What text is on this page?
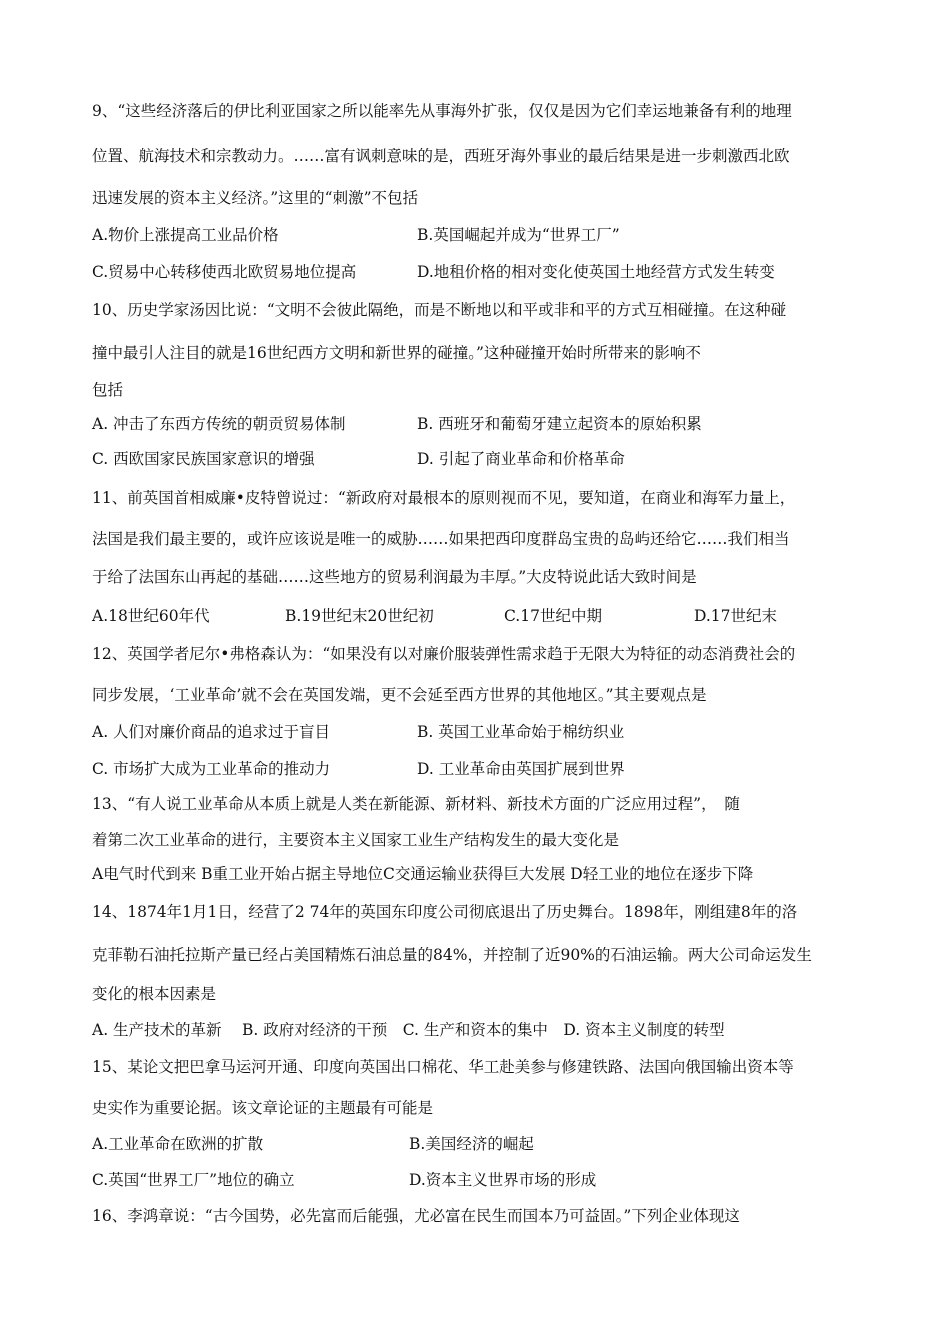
9、“这些经济落后的伊比利亚国家之所以能率先从事海外扩张，仅仅是因为它们幸运地兼备有利的地理
位置、航海技术和宗教动力。……富有讽刺意味的是，西班牙海外事业的最后结果是进一步刺激西北欧
迅速发展的资本主义经济。”这里的“刺激”不包括
A.物价上涨提高工业品价格	B.英国崛起并成为“世界工厂”
C.贸易中心转移使西北欧贸易地位提高	D.地租价格的相对变化使英国土地经营方式发生转变
10、历史学家汤因比说：“文明不会彼此隔绝，而是不断地以和平或非和平的方式互相碰撞。在这种碰
撞中最引人注目的就是16世纪西方文明和新世界的碰撞。”这种碰撞开始时所带来的影响不
包括
A. 冲击了东西方传统的朝贡贸易体制	B. 西班牙和葡萄牙建立起资本的原始积累
C. 西欧国家民族国家意识的增强	D. 引起了商业革命和价格革命
11、前英国首相威廉•皮特曾说过：“新政府对最根本的原则视而不见，要知道，在商业和海军力量上，
法国是我们最主要的，或许应该说是唯一的威胁……如果把西印度群岛宝贵的岛屿还给它……我们相当
于给了法国东山再起的基础……这些地方的贸易利润最为丰厚。”大皮特说此话大致时间是
A.18世纪60年代	B.19世纪末20世纪初	C.17世纪中期	D.17世纪末
12、英国学者尼尔•弗格森认为：“如果没有以对廉价服装弹性需求趋于无限大为特征的动态消费社会的
同步发展，‘工业革命’就不会在英国发端，更不会延至西方世界的其他地区。”其主要观点是
A. 人们对廉价商品的追求过于盲目	B. 英国工业革命始于棉纺织业
C. 市场扩大成为工业革命的推动力	D. 工业革命由英国扩展到世界
13、“有人说工业革命从本质上就是人类在新能源、新材料、新技术方面的广泛应用过程”，　随
着第二次工业革命的进行，主要资本主义国家工业生产结构发生的最大变化是
A电气时代到来 B重工业开始占据主导地位C交通运输业获得巨大发展 D轻工业的地位在逐步下降
14、1874年1月1日，经营了2 74年的英国东印度公司彻底退出了历史舞台。1898年，刚组建8年的洛
克菲勒石油托拉斯产量已经占美国精炼石油总量的84%，并控制了近90%的石油运输。两大公司命运发生
变化的根本因素是
A. 生产技术的革新　 B. 政府对经济的干预　C. 生产和资本的集中　D. 资本主义制度的转型
15、某论文把巴拿马运河开通、印度向英国出口棉花、华工赴美参与修建铁路、法国向俄国输出资本等
史实作为重要论据。该文章论证的主题最有可能是
A.工业革命在欧洲的扩散	B.美国经济的崛起
C.英国“世界工厂”地位的确立	D.资本主义世界市场的形成
16、李鸿章说：“古今国势，必先富而后能强，尤必富在民生而国本乃可益固。”下列企业体现这
